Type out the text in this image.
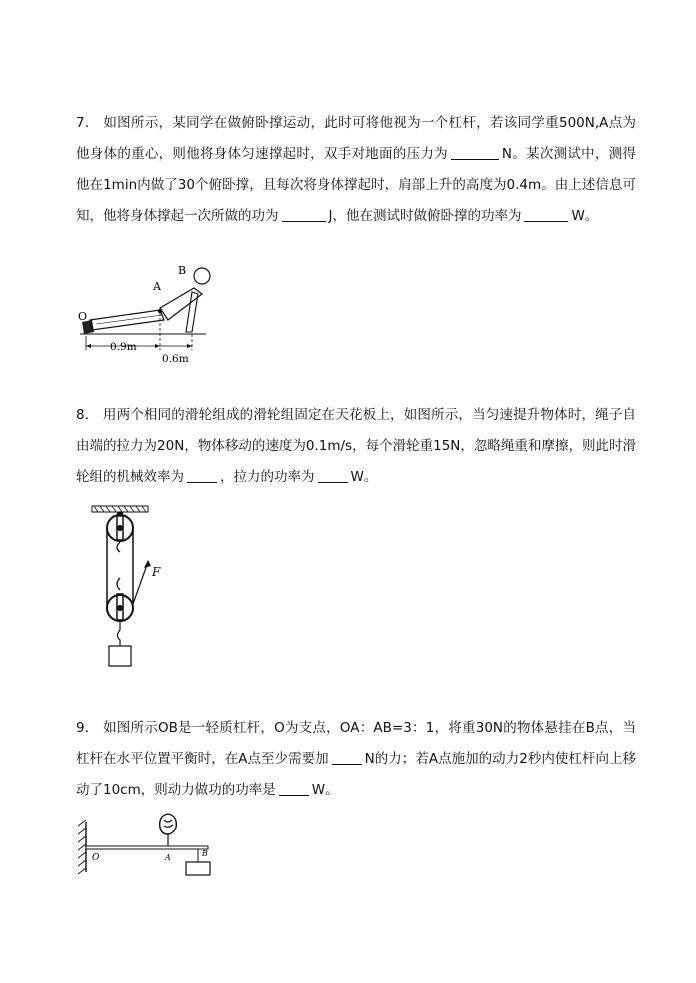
7． 如图所示，某同学在做俯卧撑运动，此时可将他视为一个杠杆，若该同学重500N,A点为他身体的重心，则他将身体匀速撑起时，双手对地面的压力为	N。某次测试中，测得他在1min内做了30个俯卧撑，且每次将身体撑起时，肩部上升的高度为0.4m。由上述信息可知，他将身体撑起一次所做的功为	J，他在测试时做俯卧撑的功率为	W。

O
A
B
0.9m
0.6m

8． 用两个相同的滑轮组成的滑轮组固定在天花板上，如图所示，当匀速提升物体时，绳子自由端的拉力为20N，物体移动的速度为0.1m/s，每个滑轮重15N，忽略绳重和摩擦，则此时滑轮组的机械效率为	，拉力的功率为	W。

F

9． 如图所示OB是一轻质杠杆，O为支点，OA：AB=3：1，将重30N的物体悬挂在B点，当杠杆在水平位置平衡时，在A点至少需要加	N的力；若A点施加的动力2秒内使杠杆向上移动了10cm，则动力做功的功率是	W。

O	A	B
